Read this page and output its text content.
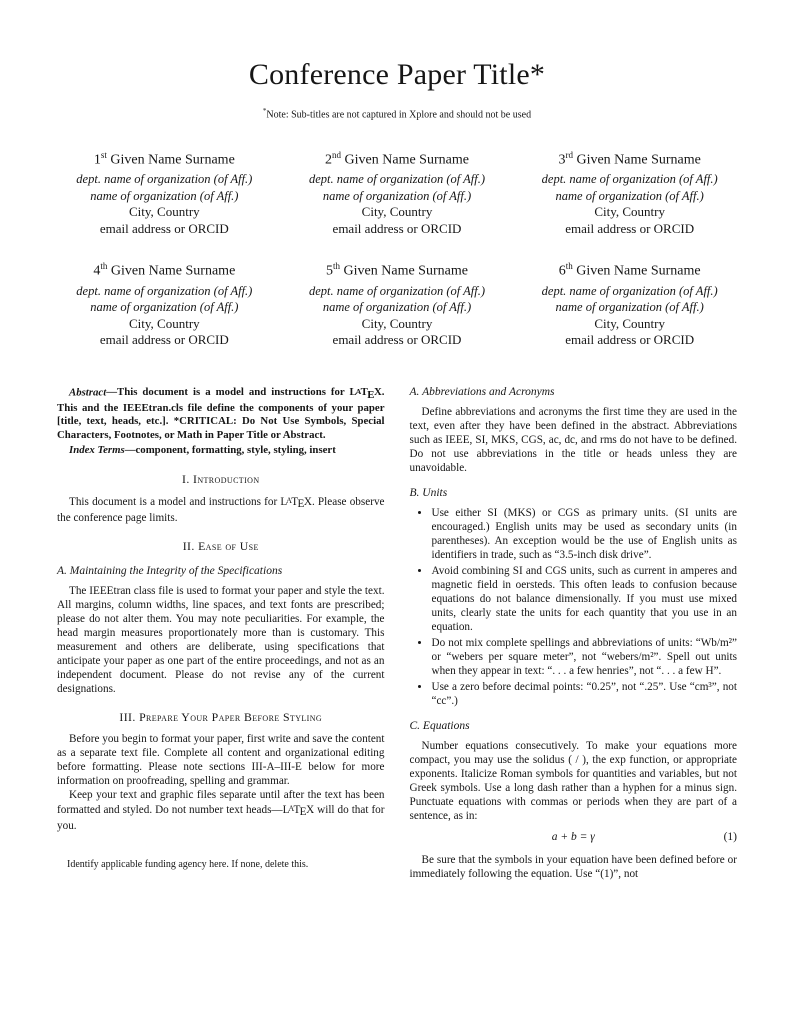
Conference Paper Title*
*Note: Sub-titles are not captured in Xplore and should not be used
1st Given Name Surname
dept. name of organization (of Aff.)
name of organization (of Aff.)
City, Country
email address or ORCID
2nd Given Name Surname
dept. name of organization (of Aff.)
name of organization (of Aff.)
City, Country
email address or ORCID
3rd Given Name Surname
dept. name of organization (of Aff.)
name of organization (of Aff.)
City, Country
email address or ORCID
4th Given Name Surname
dept. name of organization (of Aff.)
name of organization (of Aff.)
City, Country
email address or ORCID
5th Given Name Surname
dept. name of organization (of Aff.)
name of organization (of Aff.)
City, Country
email address or ORCID
6th Given Name Surname
dept. name of organization (of Aff.)
name of organization (of Aff.)
City, Country
email address or ORCID

Abstract—This document is a model and instructions for LATEX. This and the IEEEtran.cls file define the components of your paper [title, text, heads, etc.]. *CRITICAL: Do Not Use Symbols, Special Characters, Footnotes, or Math in Paper Title or Abstract.

Index Terms—component, formatting, style, styling, insert

I. Introduction

This document is a model and instructions for LATEX. Please observe the conference page limits.

II. Ease of Use
A. Maintaining the Integrity of the Specifications

The IEEEtran class file is used to format your paper and style the text. All margins, column widths, line spaces, and text fonts are prescribed; please do not alter them. You may note peculiarities. For example, the head margin measures proportionately more than is customary. This measurement and others are deliberate, using specifications that anticipate your paper as one part of the entire proceedings, and not as an independent document. Please do not revise any of the current designations.

III. Prepare Your Paper Before Styling

Before you begin to format your paper, first write and save the content as a separate text file. Complete all content and organizational editing before formatting. Please note sections III-A–III-E below for more information on proofreading, spelling and grammar.

Keep your text and graphic files separate until after the text has been formatted and styled. Do not number text heads—LATEX will do that for you.

Identify applicable funding agency here. If none, delete this.
A. Abbreviations and Acronyms

Define abbreviations and acronyms the first time they are used in the text, even after they have been defined in the abstract. Abbreviations such as IEEE, SI, MKS, CGS, ac, dc, and rms do not have to be defined. Do not use abbreviations in the title or heads unless they are unavoidable.

B. Units
• Use either SI (MKS) or CGS as primary units. (SI units are encouraged.) English units may be used as secondary units (in parentheses). An exception would be the use of English units as identifiers in trade, such as “3.5-inch disk drive”.
• Avoid combining SI and CGS units, such as current in amperes and magnetic field in oersteds. This often leads to confusion because equations do not balance dimensionally. If you must use mixed units, clearly state the units for each quantity that you use in an equation.
• Do not mix complete spellings and abbreviations of units: “Wb/m²” or “webers per square meter”, not “webers/m²”. Spell out units when they appear in text: “. . . a few henries”, not “. . . a few H”.
• Use a zero before decimal points: “0.25”, not “.25”. Use “cm³”, not “cc”.)
C. Equations

Number equations consecutively. To make your equations more compact, you may use the solidus ( / ), the exp function, or appropriate exponents. Italicize Roman symbols for quantities and variables, but not Greek symbols. Use a long dash rather than a hyphen for a minus sign. Punctuate equations with commas or periods when they are part of a sentence, as in:

a + b = γ	(1)

Be sure that the symbols in your equation have been defined before or immediately following the equation. Use “(1)”, not
